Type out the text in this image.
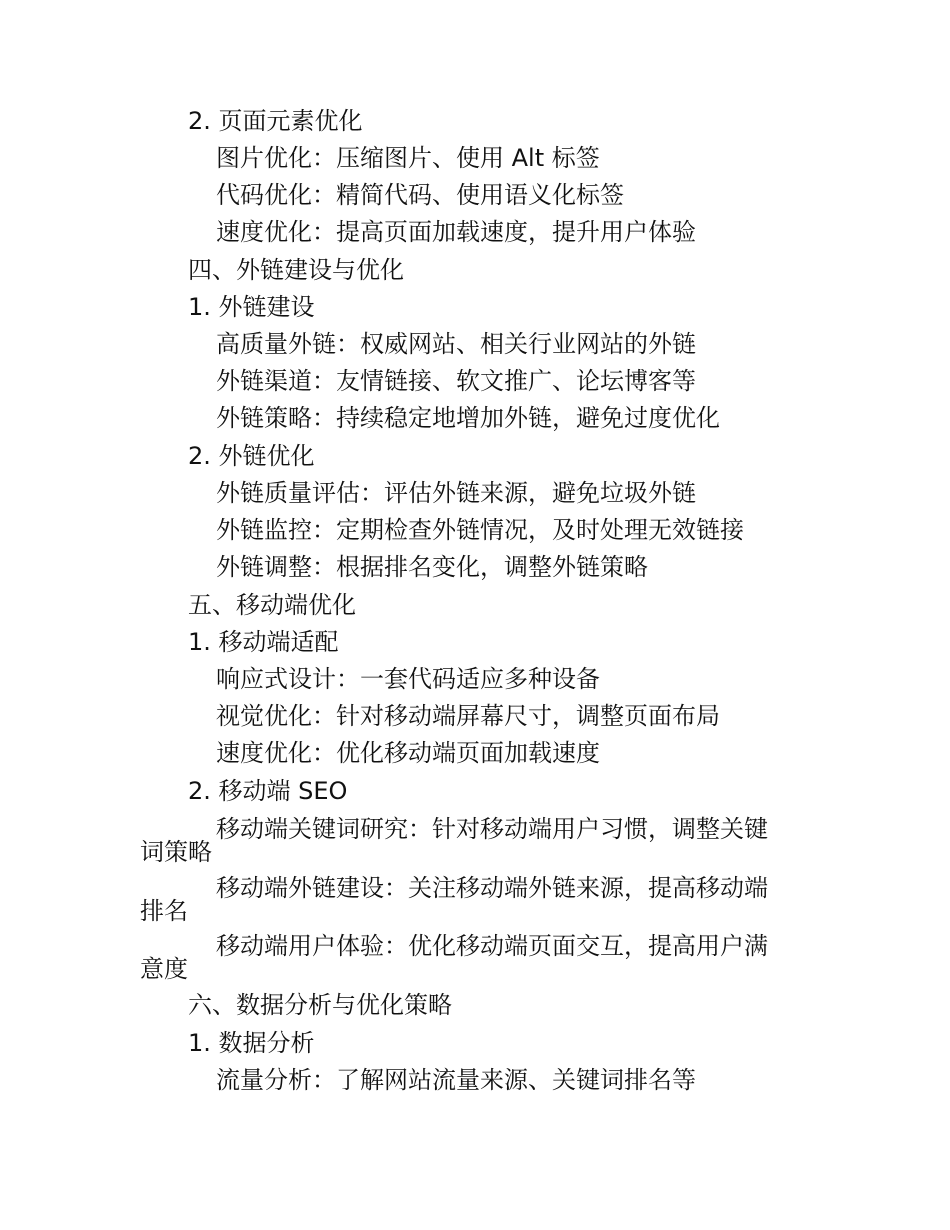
2. 页面元素优化
图片优化：压缩图片、使用 Alt 标签
代码优化：精简代码、使用语义化标签
速度优化：提高页面加载速度，提升用户体验
四、外链建设与优化
1. 外链建设
高质量外链：权威网站、相关行业网站的外链
外链渠道：友情链接、软文推广、论坛博客等
外链策略：持续稳定地增加外链，避免过度优化
2. 外链优化
外链质量评估：评估外链来源，避免垃圾外链
外链监控：定期检查外链情况，及时处理无效链接
外链调整：根据排名变化，调整外链策略
五、移动端优化
1. 移动端适配
响应式设计：一套代码适应多种设备
视觉优化：针对移动端屏幕尺寸，调整页面布局
速度优化：优化移动端页面加载速度
2. 移动端 SEO
移动端关键词研究：针对移动端用户习惯，调整关键
词策略
移动端外链建设：关注移动端外链来源，提高移动端
排名
移动端用户体验：优化移动端页面交互，提高用户满
意度
六、数据分析与优化策略
1. 数据分析
流量分析：了解网站流量来源、关键词排名等
